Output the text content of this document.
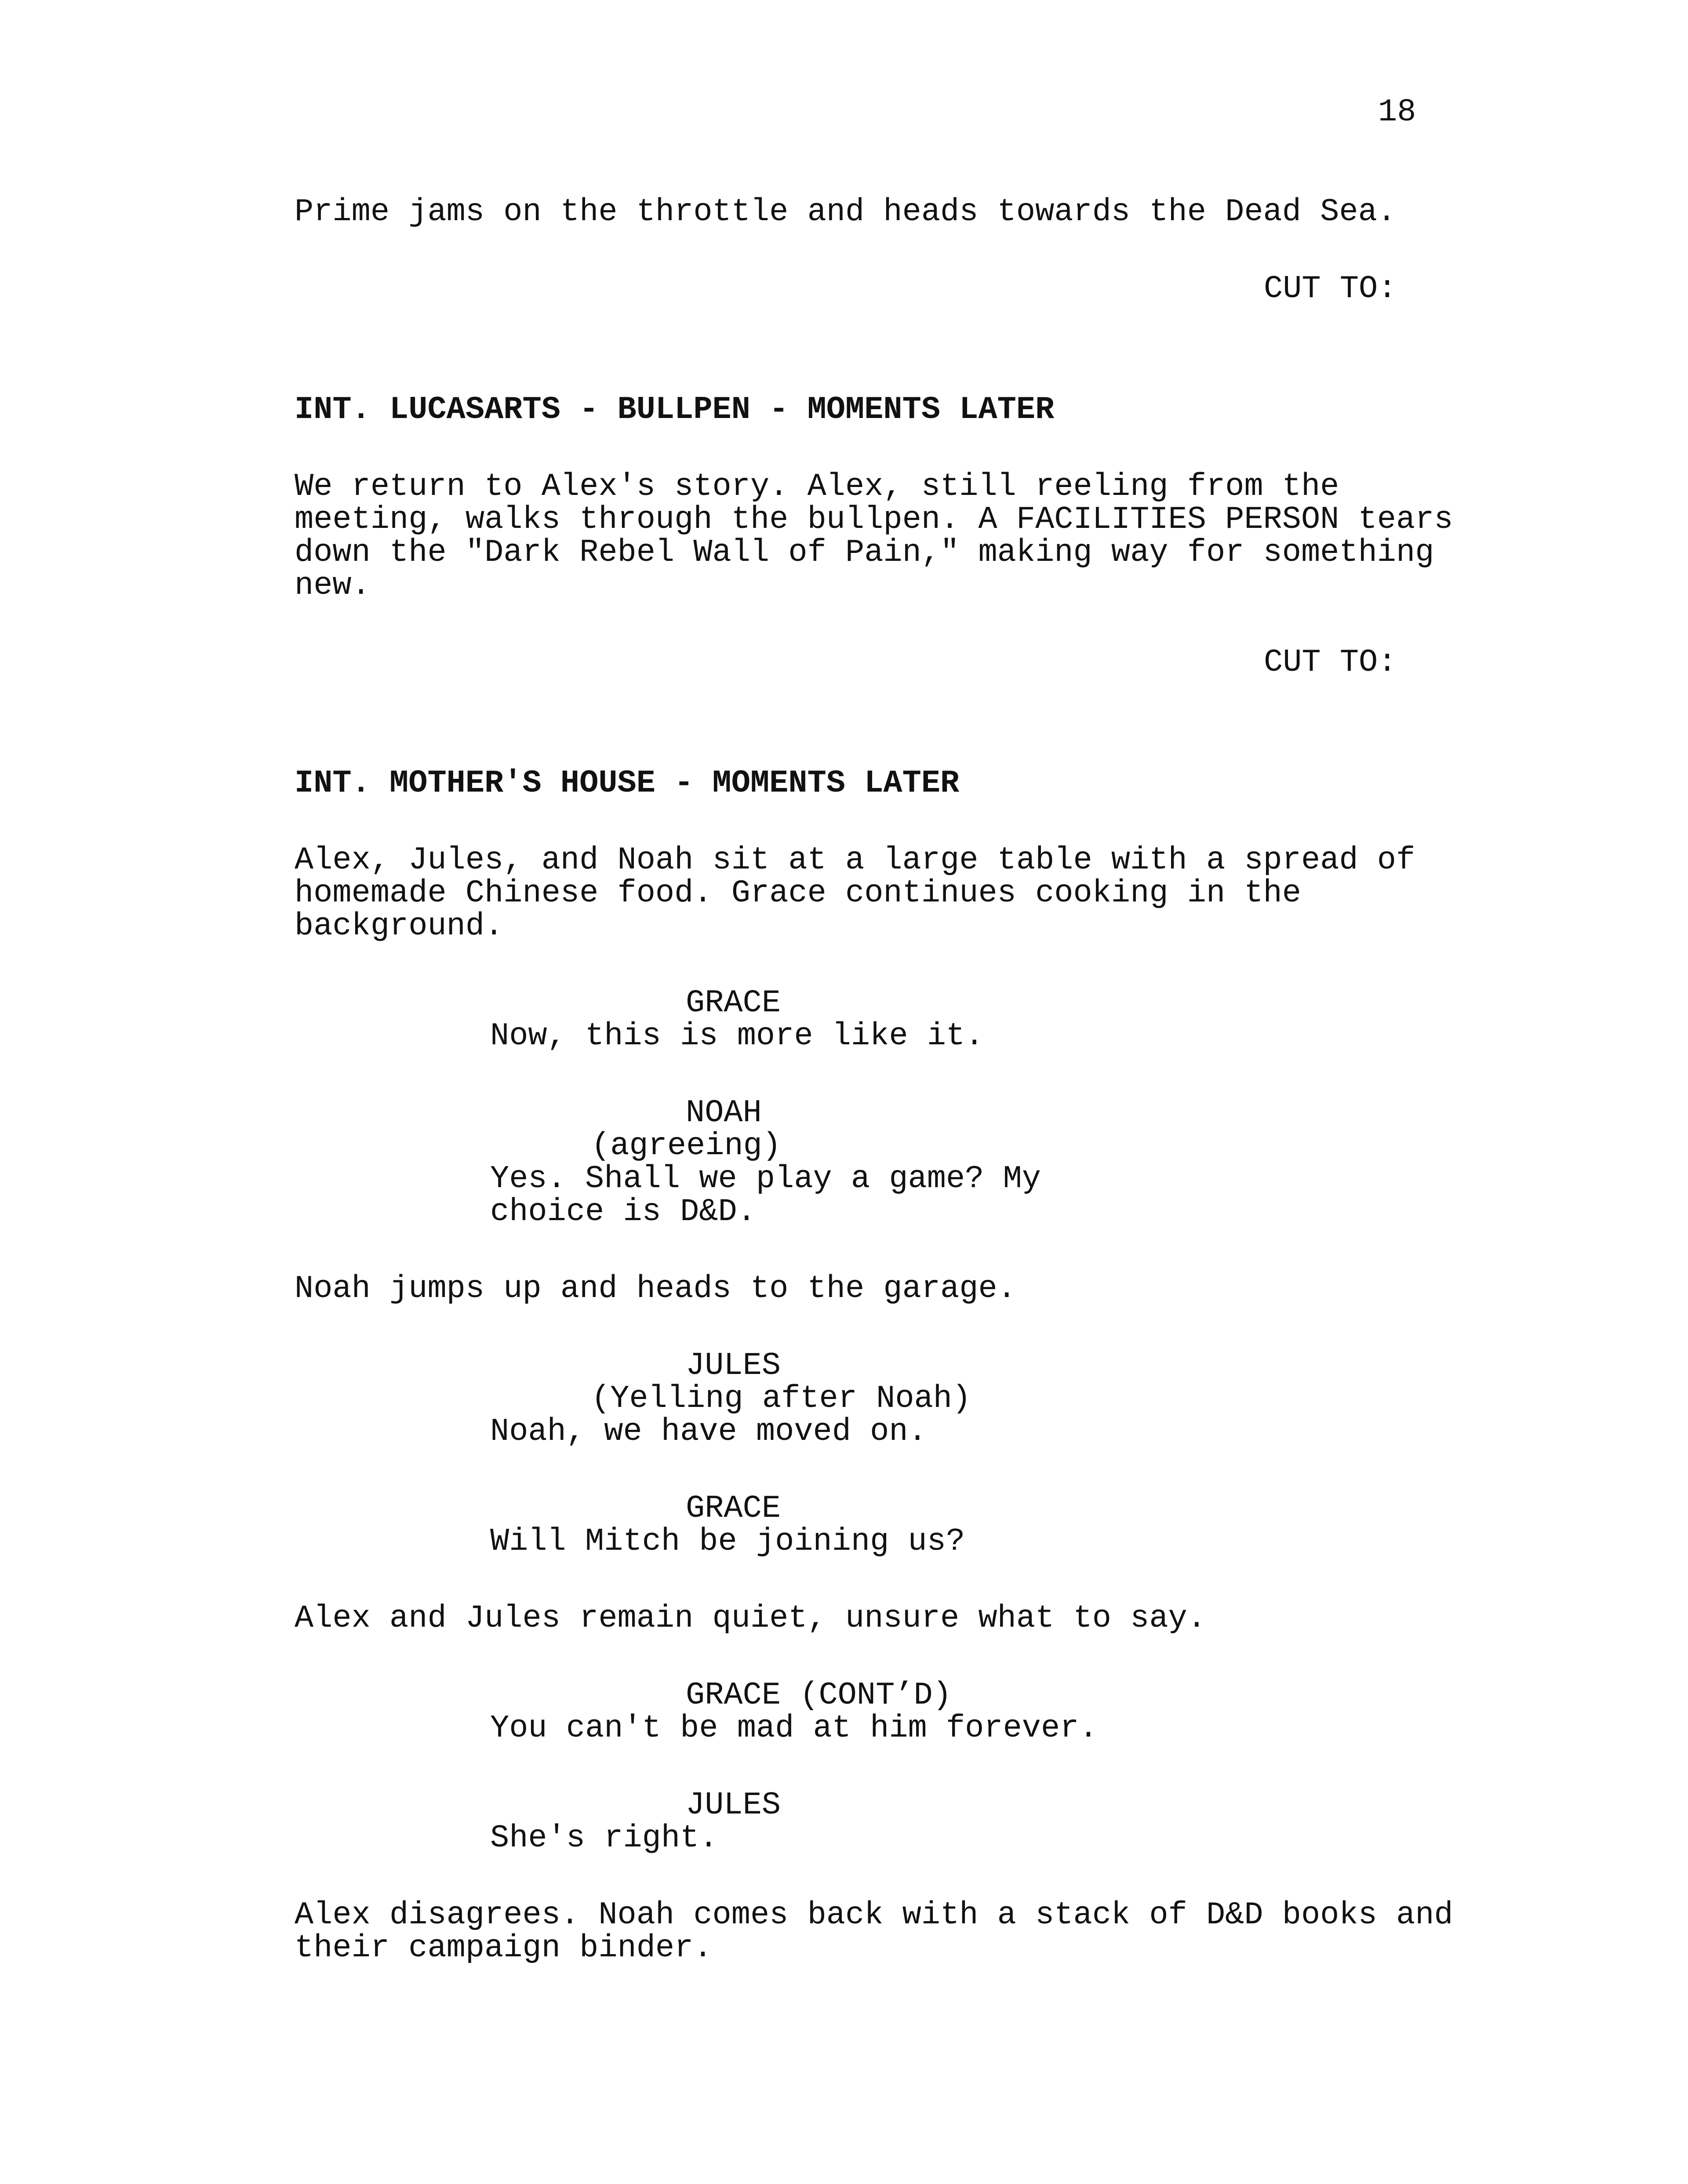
18
Prime jams on the throttle and heads towards the Dead Sea.
CUT TO:
INT. LUCASARTS - BULLPEN - MOMENTS LATER
We return to Alex's story. Alex, still reeling from the
meeting, walks through the bullpen. A FACILITIES PERSON tears
down the "Dark Rebel Wall of Pain," making way for something
new.
CUT TO:
INT. MOTHER'S HOUSE - MOMENTS LATER
Alex, Jules, and Noah sit at a large table with a spread of
homemade Chinese food. Grace continues cooking in the
background.
GRACE
Now, this is more like it.
NOAH
(agreeing)
Yes. Shall we play a game? My
choice is D&D.
Noah jumps up and heads to the garage.
JULES
(Yelling after Noah)
Noah, we have moved on.
GRACE
Will Mitch be joining us?
Alex and Jules remain quiet, unsure what to say.
GRACE (CONT’D)
You can't be mad at him forever.
JULES
She's right.
Alex disagrees. Noah comes back with a stack of D&D books and
their campaign binder.
